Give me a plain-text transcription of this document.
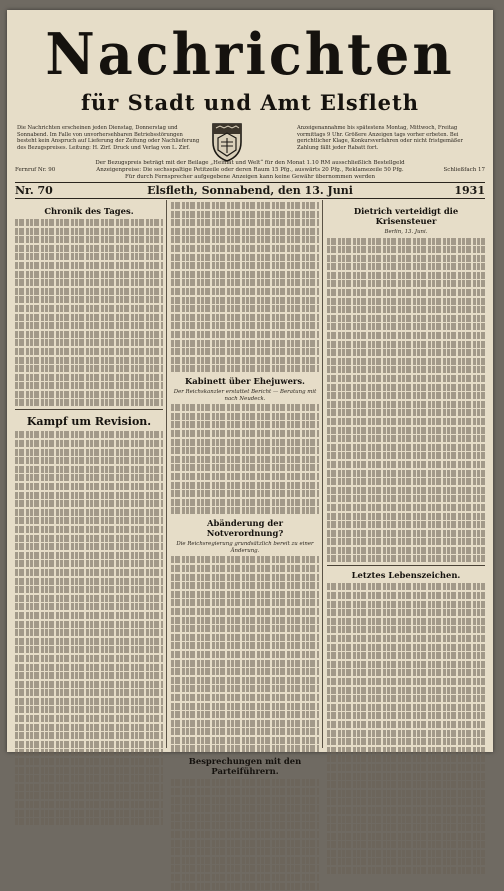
Nachrichten
für Stadt und Amt Elsfleth
Die Nachrichten erscheinen jeden Dienstag, Donnerstag und Sonnabend. Im Falle von unvorhersehbaren Betriebsstörungen besteht kein Anspruch auf Lieferung der Zeitung oder Nachlieferung des Bezugspreises. Leitung: H. Zirf. Druck und Verlag von L. Zirf.
Anzeigenannahme bis spätestens Montag, Mittwoch, Freitag vormittags 9 Uhr. Größere Anzeigen tags vorher erbeten. Bei gerichtlicher Klage, Konkursverfahren oder nicht fristgemäßer Zahlung fällt jeder Rabatt fort.
Der Bezugspreis beträgt mit der Beilage „Heimat und Welt“ für den Monat 1.10 RM ausschließlich Bestellgeld
Fernruf Nr. 90	Anzeigenpreise: Die sechsspaltige Petitzeile oder deren Raum 15 Pfg., auswärts 20 Pfg., Reklamezeile 50 Pfg.	Schließfach 17
Für durch Fernsprecher aufgegebene Anzeigen kann keine Gewähr übernommen werden
Nr. 70	Elsfleth, Sonnabend, den 13. Juni	1931
Chronik des Tages.
Kampf um Revision.
Kabinett über Ehejuwers.
Der Reichskanzler erstattet Bericht — Beratung mit nach Neudeck.
Abänderung der Notverordnung?
Die Reichsregierung grundsätzlich bereit zu einer Änderung.
Besprechungen mit den Parteiführern.
Dietrich verteidigt die Krisensteuer
Berlin, 13. Juni.
Letztes Lebenszeichen.
